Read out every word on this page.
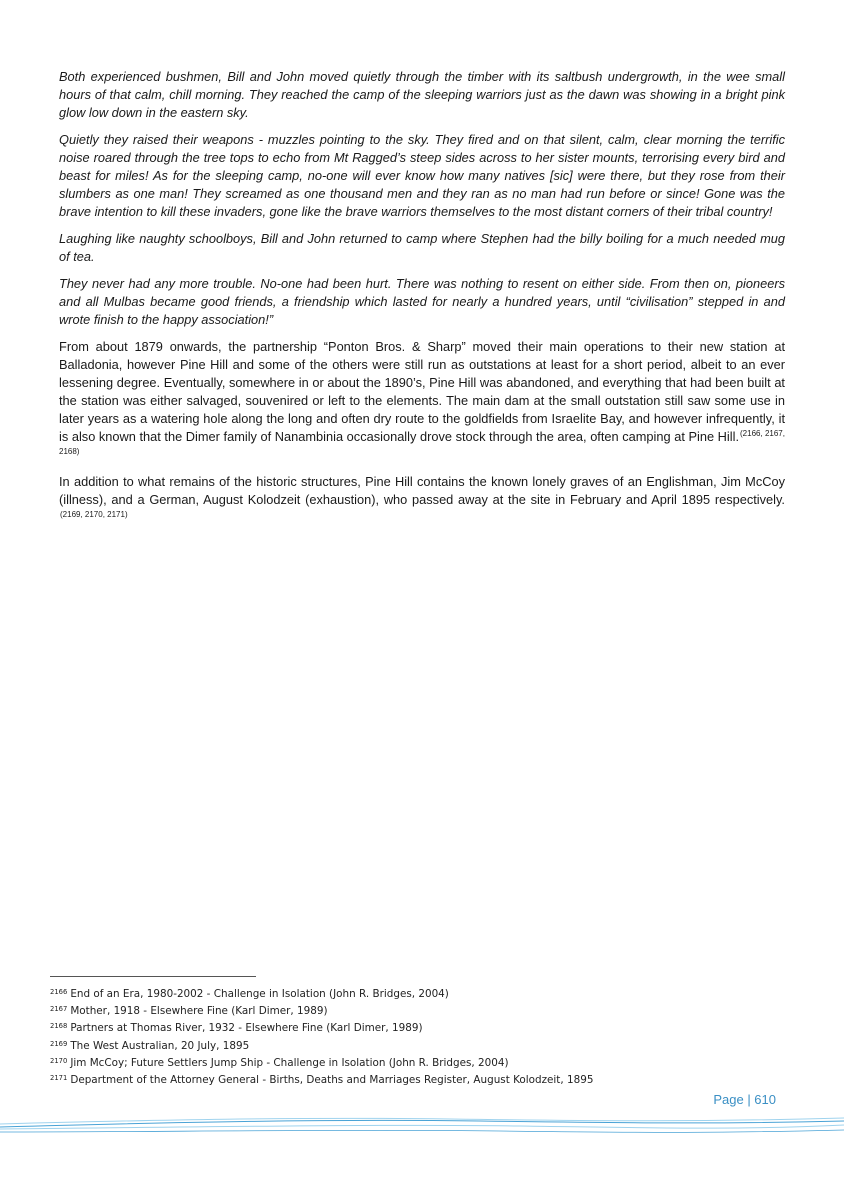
Both experienced bushmen, Bill and John moved quietly through the timber with its saltbush undergrowth, in the wee small hours of that calm, chill morning. They reached the camp of the sleeping warriors just as the dawn was showing in a bright pink glow low down in the eastern sky.

Quietly they raised their weapons - muzzles pointing to the sky. They fired and on that silent, calm, clear morning the terrific noise roared through the tree tops to echo from Mt Ragged’s steep sides across to her sister mounts, terrorising every bird and beast for miles! As for the sleeping camp, no-one will ever know how many natives [sic] were there, but they rose from their slumbers as one man! They screamed as one thousand men and they ran as no man had run before or since! Gone was the brave intention to kill these invaders, gone like the brave warriors themselves to the most distant corners of their tribal country!

Laughing like naughty schoolboys, Bill and John returned to camp where Stephen had the billy boiling for a much needed mug of tea.

They never had any more trouble. No-one had been hurt. There was nothing to resent on either side. From then on, pioneers and all Mulbas became good friends, a friendship which lasted for nearly a hundred years, until “civilisation” stepped in and wrote finish to the happy association!”

From about 1879 onwards, the partnership “Ponton Bros. & Sharp” moved their main operations to their new station at Balladonia, however Pine Hill and some of the others were still run as outstations at least for a short period, albeit to an ever lessening degree. Eventually, somewhere in or about the 1890’s, Pine Hill was abandoned, and everything that had been built at the station was either salvaged, souvenired or left to the elements. The main dam at the small outstation still saw some use in later years as a watering hole along the long and often dry route to the goldfields from Israelite Bay, and however infrequently, it is also known that the Dimer family of Nanambinia occasionally drove stock through the area, often camping at Pine Hill.$^{(2166, 2167, 2168)}$

In addition to what remains of the historic structures, Pine Hill contains the known lonely graves of an Englishman, Jim McCoy (illness), and a German, August Kolodzeit (exhaustion), who passed away at the site in February and April 1895 respectively.$^{(2169, 2170, 2171)}$

$^{2166}$ End of an Era, 1980-2002 - Challenge in Isolation (John R. Bridges, 2004)
$^{2167}$ Mother, 1918 - Elsewhere Fine (Karl Dimer, 1989)
$^{2168}$ Partners at Thomas River, 1932 - Elsewhere Fine (Karl Dimer, 1989)
$^{2169}$ The West Australian, 20 July, 1895
$^{2170}$ Jim McCoy; Future Settlers Jump Ship - Challenge in Isolation (John R. Bridges, 2004)
$^{2171}$ Department of the Attorney General - Births, Deaths and Marriages Register, August Kolodzeit, 1895
Page | 610
